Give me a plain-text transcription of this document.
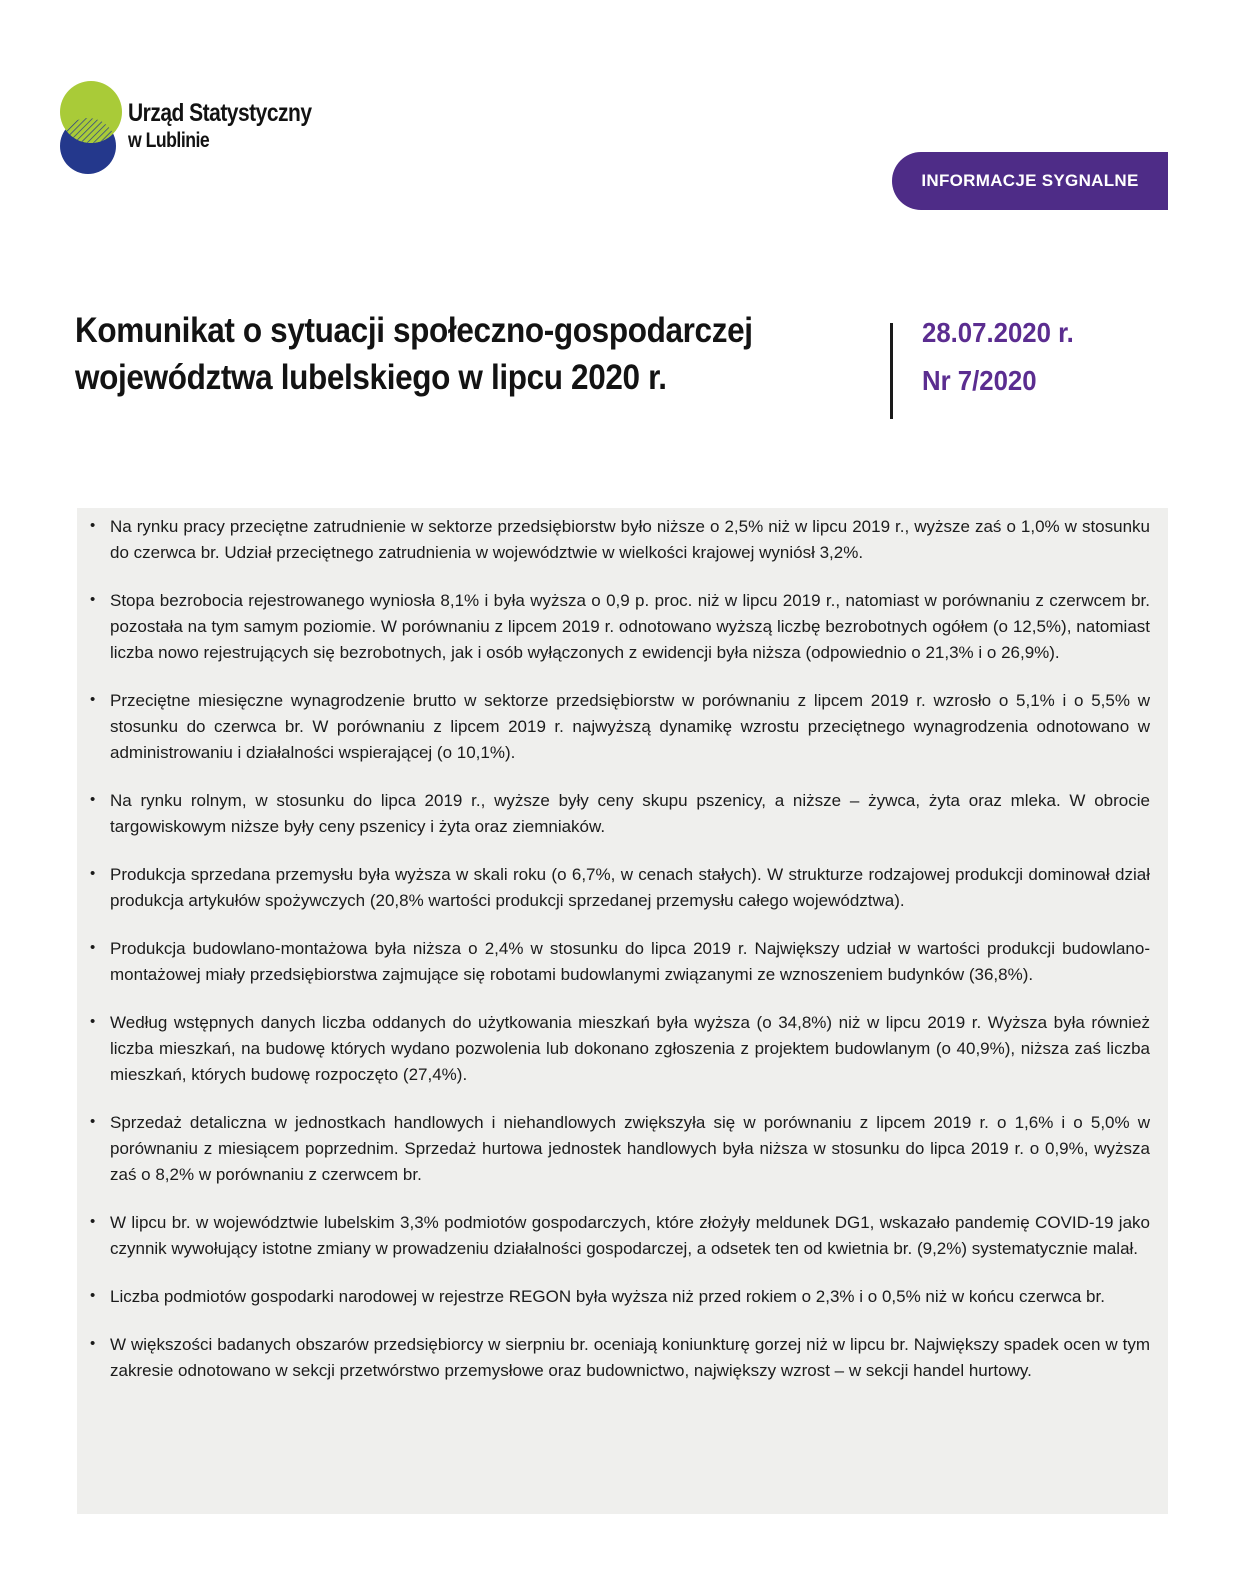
Urząd Statystyczny
w Lublinie
INFORMACJE SYGNALNE
Komunikat o sytuacji społeczno-gospodarczej
województwa lubelskiego w lipcu 2020 r.
28.07.2020 r.
Nr 7/2020
• Na rynku pracy przeciętne zatrudnienie w sektorze przedsiębiorstw było niższe o 2,5% niż w lipcu 2019 r., wyższe zaś o 1,0% w stosunku do czerwca br. Udział przeciętnego zatrudnienia w województwie w wielkości krajowej wyniósł 3,2%.
• Stopa bezrobocia rejestrowanego wyniosła 8,1% i była wyższa o 0,9 p. proc. niż w lipcu 2019 r., natomiast w porównaniu z czerwcem br. pozostała na tym samym poziomie. W porównaniu z lipcem 2019 r. odnotowano wyższą liczbę bezrobotnych ogółem (o 12,5%), natomiast liczba nowo rejestrujących się bezrobotnych, jak i osób wyłączonych z ewidencji była niższa (odpowiednio o 21,3% i o 26,9%).
• Przeciętne miesięczne wynagrodzenie brutto w sektorze przedsiębiorstw w porównaniu z lipcem 2019 r. wzrosło o 5,1% i o 5,5% w stosunku do czerwca br. W porównaniu z lipcem 2019 r. najwyższą dynamikę wzrostu przeciętnego wynagrodzenia odnotowano w administrowaniu i działalności wspierającej (o 10,1%).
• Na rynku rolnym, w stosunku do lipca 2019 r., wyższe były ceny skupu pszenicy, a niższe – żywca, żyta oraz mleka. W obrocie targowiskowym niższe były ceny pszenicy i żyta oraz ziemniaków.
• Produkcja sprzedana przemysłu była wyższa w skali roku (o 6,7%, w cenach stałych). W strukturze rodzajowej produkcji dominował dział produkcja artykułów spożywczych (20,8% wartości produkcji sprzedanej przemysłu całego województwa).
• Produkcja budowlano-montażowa była niższa o 2,4% w stosunku do lipca 2019 r. Największy udział w wartości produkcji budowlano-montażowej miały przedsiębiorstwa zajmujące się robotami budowlanymi związanymi ze wznoszeniem budynków (36,8%).
• Według wstępnych danych liczba oddanych do użytkowania mieszkań była wyższa (o 34,8%) niż w lipcu 2019 r. Wyższa była również liczba mieszkań, na budowę których wydano pozwolenia lub dokonano zgłoszenia z projektem budowlanym (o 40,9%), niższa zaś liczba mieszkań, których budowę rozpoczęto (27,4%).
• Sprzedaż detaliczna w jednostkach handlowych i niehandlowych zwiększyła się w porównaniu z lipcem 2019 r. o 1,6% i o 5,0% w porównaniu z miesiącem poprzednim. Sprzedaż hurtowa jednostek handlowych była niższa w stosunku do lipca 2019 r. o 0,9%, wyższa zaś o 8,2% w porównaniu z czerwcem br.
• W lipcu br. w województwie lubelskim 3,3% podmiotów gospodarczych, które złożyły meldunek DG1, wskazało pandemię COVID-19 jako czynnik wywołujący istotne zmiany w prowadzeniu działalności gospodarczej, a odsetek ten od kwietnia br. (9,2%) systematycznie malał.
• Liczba podmiotów gospodarki narodowej w rejestrze REGON była wyższa niż przed rokiem o 2,3% i o 0,5% niż w końcu czerwca br.
• W większości badanych obszarów przedsiębiorcy w sierpniu br. oceniają koniunkturę gorzej niż w lipcu br. Największy spadek ocen w tym zakresie odnotowano w sekcji przetwórstwo przemysłowe oraz budownictwo, największy wzrost – w sekcji handel hurtowy.
